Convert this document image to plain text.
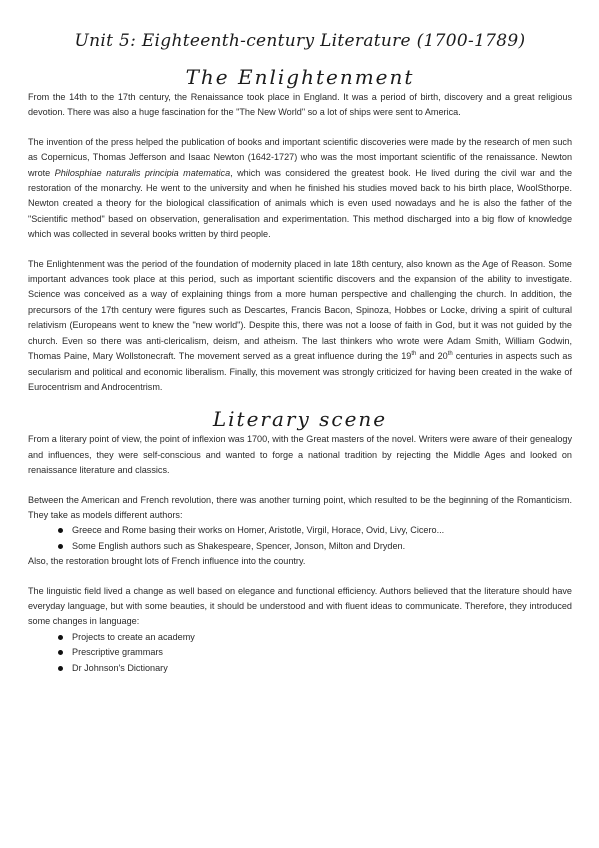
Unit 5: Eighteenth-century Literature (1700-1789)
The Enlightenment

From the 14th to the 17th century, the Renaissance took place in England. It was a period of birth, discovery and a great religious devotion. There was also a huge fascination for the "The New World" so a lot of ships were sent to America.

The invention of the press helped the publication of books and important scientific discoveries were made by the research of men such as Copernicus, Thomas Jefferson and Isaac Newton (1642-1727) who was the most important scientific of the renaissance. Newton wrote Philosphiae naturalis principia matematica, which was considered the greatest book. He lived during the civil war and the restoration of the monarchy. He went to the university and when he finished his studies moved back to his birth place, WoolSthorpe. Newton created a theory for the biological classification of animals which is even used nowadays and he is also the father of the "Scientific method" based on observation, generalisation and experimentation. This method discharged into a big flow of knowledge which was collected in several books written by third people.

The Enlightenment was the period of the foundation of modernity placed in late 18th century, also known as the Age of Reason. Some important advances took place at this period, such as important scientific discovers and the expansion of the ability to investigate. Science was conceived as a way of explaining things from a more human perspective and challenging the church. In addition, the precursors of the 17th century were figures such as Descartes, Francis Bacon, Spinoza, Hobbes or Locke, driving a spirit of cultural relativism (Europeans went to knew the "new world"). Despite this, there was not a loose of faith in God, but it was not guided by the church. Even so there was anti-clericalism, deism, and atheism. The last thinkers who wrote were Adam Smith, William Godwin, Thomas Paine, Mary Wollstonecraft. The movement served as a great influence during the 19th and 20th centuries in aspects such as secularism and political and economic liberalism. Finally, this movement was strongly criticized for having been created in the wake of Eurocentrism and Androcentrism.

Literary scene

From a literary point of view, the point of inflexion was 1700, with the Great masters of the novel. Writers were aware of their genealogy and influences, they were self-conscious and wanted to forge a national tradition by rejecting the Middle Ages and looked on renaissance literature and classics.

Between the American and French revolution, there was another turning point, which resulted to be the beginning of the Romanticism. They take as models different authors:

Greece and Rome basing their works on Homer, Aristotle, Virgil, Horace, Ovid, Livy, Cicero...
Some English authors such as Shakespeare, Spencer, Jonson, Milton and Dryden.

Also, the restoration brought lots of French influence into the country.

The linguistic field lived a change as well based on elegance and functional efficiency. Authors believed that the literature should have everyday language, but with some beauties, it should be understood and with fluent ideas to communicate. Therefore, they introduced some changes in language:

Projects to create an academy
Prescriptive grammars
Dr Johnson's Dictionary
